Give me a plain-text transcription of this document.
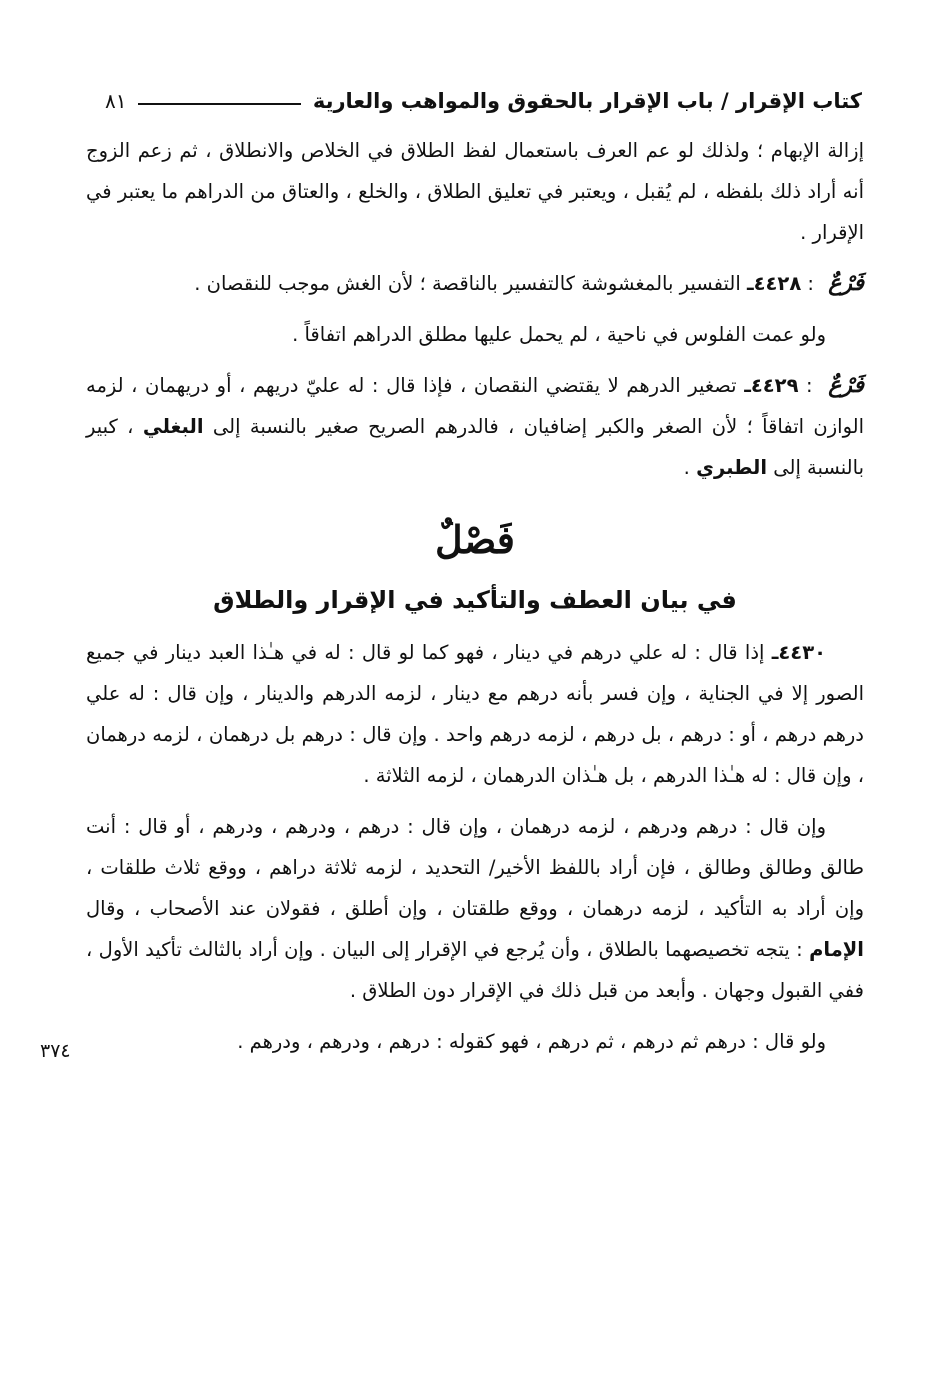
كتاب الإقرار / باب الإقرار بالحقوق والمواهب والعارية
٨١
٣٧٤

إزالة الإبهام ؛ ولذلك لو عم العرف باستعمال لفظ الطلاق في الخلاص والانطلاق ، ثم زعم الزوج أنه أراد ذلك بلفظه ، لم يُقبل ، ويعتبر في تعليق الطلاق ، والخلع ، والعتاق من الدراهم ما يعتبر في الإقرار .

فَرْعٌ : ٤٤٢٨ـ التفسير بالمغشوشة كالتفسير بالناقصة ؛ لأن الغش موجب للنقصان .

ولو عمت الفلوس في ناحية ، لم يحمل عليها مطلق الدراهم اتفاقاً .

فَرْعٌ : ٤٤٢٩ـ تصغير الدرهم لا يقتضي النقصان ، فإذا قال : له عليّ دريهم ، أو دريهمان ، لزمه الوازن اتفاقاً ؛ لأن الصغر والكبر إضافيان ، فالدرهم الصريح صغير بالنسبة إلى البغلي ، كبير بالنسبة إلى الطبري .

فَصْلٌ
في بيان العطف والتأكيد في الإقرار والطلاق

٤٤٣٠ـ إذا قال : له علي درهم في دينار ، فهو كما لو قال : له في هـٰذا العبد دينار في جميع الصور إلا في الجناية ، وإن فسر بأنه درهم مع دينار ، لزمه الدرهم والدينار ، وإن قال : له علي درهم درهم ، أو : درهم ، بل درهم ، لزمه درهم واحد . وإن قال : درهم بل درهمان ، لزمه درهمان ، وإن قال : له هـٰذا الدرهم ، بل هـٰذان الدرهمان ، لزمه الثلاثة .

وإن قال : درهم ودرهم ، لزمه درهمان ، وإن قال : درهم ، ودرهم ، ودرهم ، أو قال : أنت طالق وطالق وطالق ، فإن أراد باللفظ الأخير/ التحديد ، لزمه ثلاثة دراهم ، ووقع ثلاث طلقات ، وإن أراد به التأكيد ، لزمه درهمان ، ووقع طلقتان ، وإن أطلق ، فقولان عند الأصحاب ، وقال الإمام : يتجه تخصيصهما بالطلاق ، وأن يُرجع في الإقرار إلى البيان . وإن أراد بالثالث تأكيد الأول ، ففي القبول وجهان . وأبعد من قبل ذلك في الإقرار دون الطلاق .

ولو قال : درهم ثم درهم ، ثم درهم ، فهو كقوله : درهم ، ودرهم ، ودرهم .
